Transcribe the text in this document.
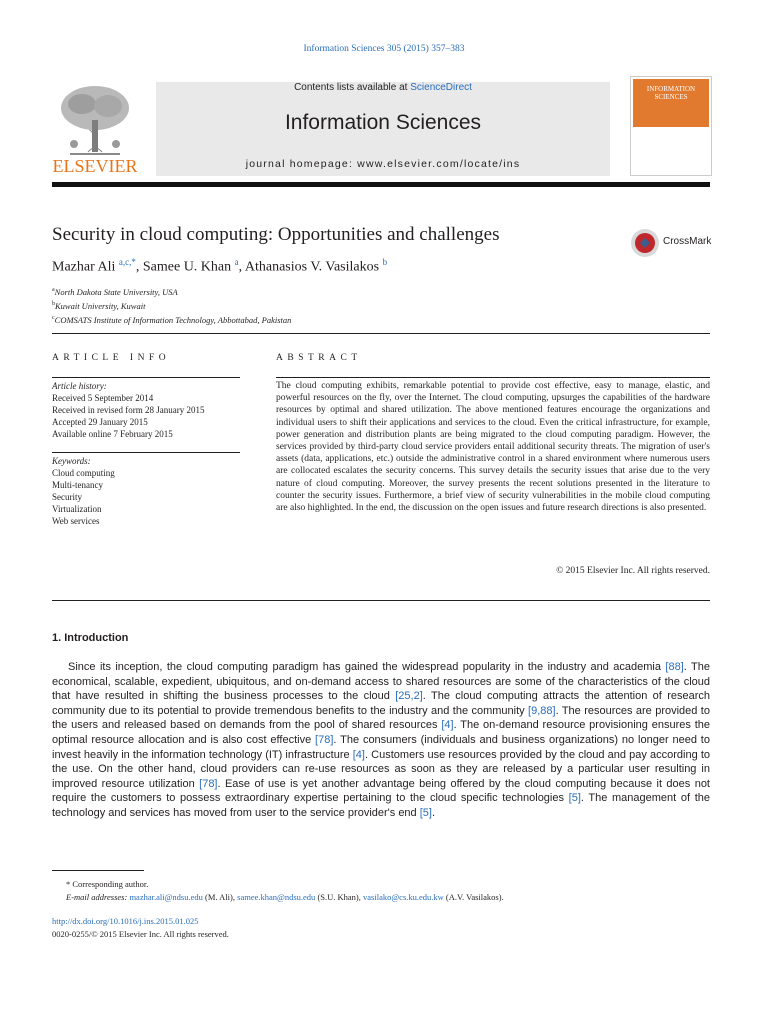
Information Sciences 305 (2015) 357–383
Contents lists available at ScienceDirect
Information Sciences
journal homepage: www.elsevier.com/locate/ins
ELSEVIER
INFORMATION SCIENCES
Security in cloud computing: Opportunities and challenges	CrossMark
Mazhar Ali $^{a,c,*}$, Samee U. Khan $^a$, Athanasios V. Vasilakos $^b$
$^a$North Dakota State University, USA
$^b$Kuwait University, Kuwait
$^c$COMSATS Institute of Information Technology, Abbottabad, Pakistan
ARTICLE INFO	ABSTRACT
Article history:
Received 5 September 2014
Received in revised form 28 January 2015
Accepted 29 January 2015
Available online 7 February 2015
Keywords:
Cloud computing
Multi-tenancy
Security
Virtualization
Web services
The cloud computing exhibits, remarkable potential to provide cost effective, easy to manage, elastic, and powerful resources on the fly, over the Internet. The cloud computing, upsurges the capabilities of the hardware resources by optimal and shared utilization. The above mentioned features encourage the organizations and individual users to shift their applications and services to the cloud. Even the critical infrastructure, for example, power generation and distribution plants are being migrated to the cloud computing paradigm. However, the services provided by third-party cloud service providers entail additional security threats. The migration of user's assets (data, applications, etc.) outside the administrative control in a shared environment where numerous users are collocated escalates the security concerns. This survey details the security issues that arise due to the very nature of cloud computing. Moreover, the survey presents the recent solutions presented in the literature to counter the security issues. Furthermore, a brief view of security vulnerabilities in the mobile cloud computing are also highlighted. In the end, the discussion on the open issues and future research directions is also presented.
© 2015 Elsevier Inc. All rights reserved.
1. Introduction
Since its inception, the cloud computing paradigm has gained the widespread popularity in the industry and academia [88]. The economical, scalable, expedient, ubiquitous, and on-demand access to shared resources are some of the characteristics of the cloud that have resulted in shifting the business processes to the cloud [25,2]. The cloud computing attracts the attention of research community due to its potential to provide tremendous benefits to the industry and the community [9,88]. The resources are provided to the users and released based on demands from the pool of shared resources [4]. The on-demand resource provisioning ensures the optimal resource allocation and is also cost effective [78]. The consumers (individuals and business organizations) no longer need to invest heavily in the information technology (IT) infrastructure [4]. Customers use resources provided by the cloud and pay according to the use. On the other hand, cloud providers can re-use resources as soon as they are released by a particular user resulting in improved resource utilization [78]. Ease of use is yet another advantage being offered by the cloud computing because it does not require the customers to possess extraordinary expertise pertaining to the cloud specific technologies [5]. The management of the technology and services has moved from user to the service provider's end [5].
* Corresponding author.
E-mail addresses: mazhar.ali@ndsu.edu (M. Ali), samee.khan@ndsu.edu (S.U. Khan), vasilako@cs.ku.edu.kw (A.V. Vasilakos).
http://dx.doi.org/10.1016/j.ins.2015.01.025
0020-0255/© 2015 Elsevier Inc. All rights reserved.
